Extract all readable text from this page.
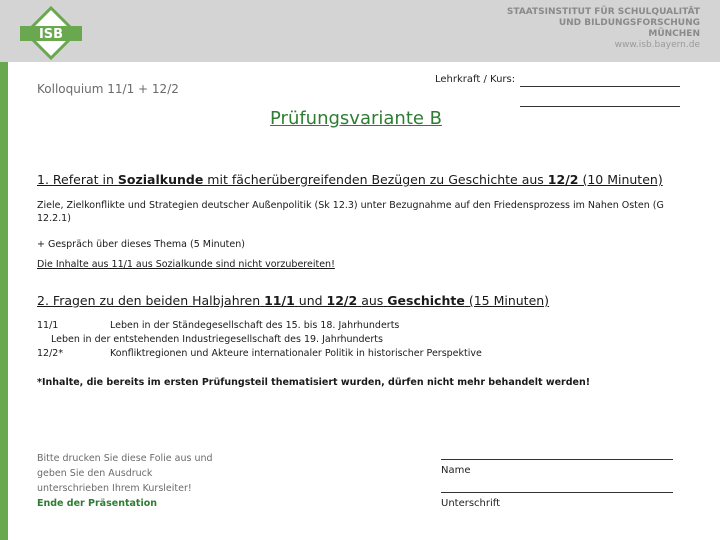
ISB
STAATSINSTITUT FÜR SCHULQUALITÄT
UND BILDUNGSFORSCHUNG
MÜNCHEN
www.isb.bayern.de
Kolloquium 11/1 + 12/2
Lehrkraft / Kurs:
Prüfungsvariante B
1. Referat in Sozialkunde mit fächerübergreifenden Bezügen zu Geschichte aus 12/2 (10 Minuten)
Ziele, Zielkonflikte und Strategien deutscher Außenpolitik (Sk 12.3) unter Bezugnahme auf den Friedensprozess im Nahen Osten (G 12.2.1)
+ Gespräch über dieses Thema (5 Minuten)
Die Inhalte aus 11/1 aus Sozialkunde sind nicht vorzubereiten!
2. Fragen zu den beiden Halbjahren 11/1 und 12/2 aus Geschichte (15 Minuten)
11/1	Leben in der Ständegesellschaft des 15. bis 18. Jahrhunderts
Leben in der entstehenden Industriegesellschaft des 19. Jahrhunderts
12/2*	Konfliktregionen und Akteure internationaler Politik in historischer Perspektive
*Inhalte, die bereits im ersten Prüfungsteil thematisiert wurden, dürfen nicht mehr behandelt werden!
Bitte drucken Sie diese Folie aus und
geben Sie den Ausdruck
unterschrieben Ihrem Kursleiter!
Ende der Präsentation
Name
Unterschrift
